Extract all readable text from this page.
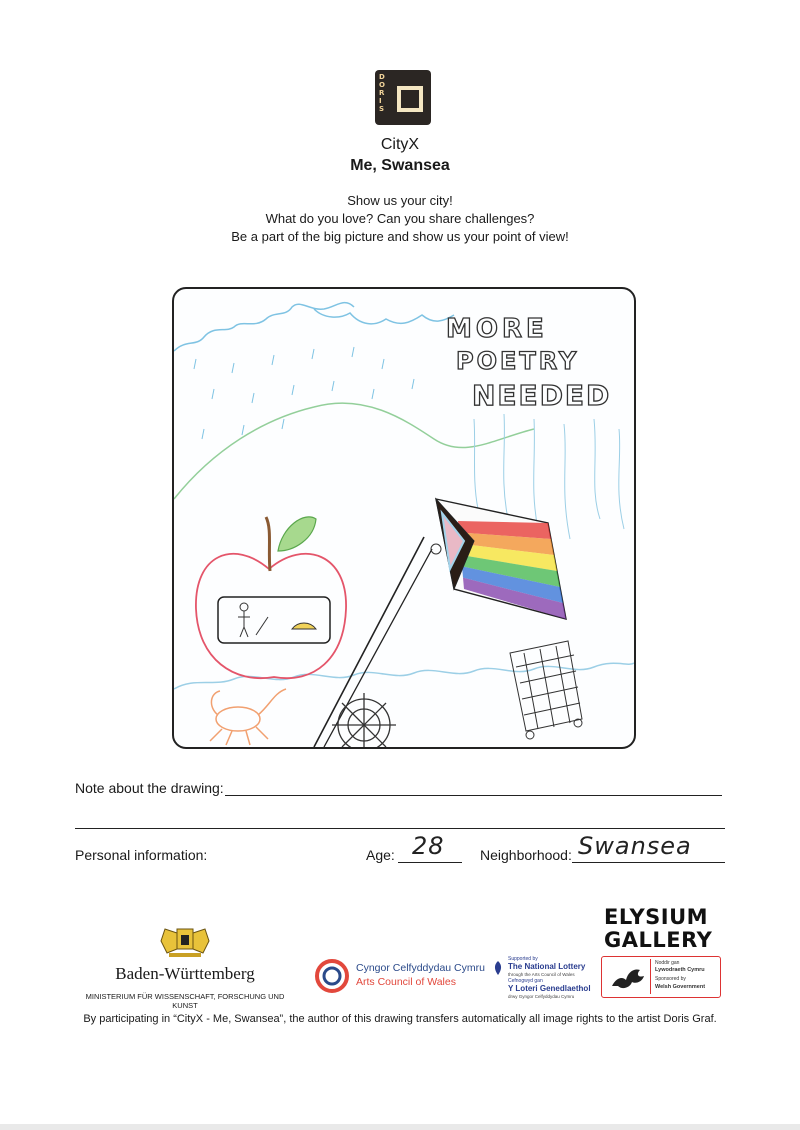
D
O
R
I
S
CityX
Me, Swansea
Show us your city!
What do you love? Can you share challenges?
Be a part of the big picture and show us your point of view!
MORE
POETRY
NEEDED
Note about the drawing:
Personal information:	Age: 28	Neighborhood: Swansea
Baden-Württemberg
MINISTERIUM FÜR WISSENSCHAFT, FORSCHUNG UND KUNST
Cyngor Celfyddydau Cymru
Arts Council of Wales
Supported by
The National Lottery
through the Arts Council of Wales
Cefnogwyd gan
Y Loteri Genedlaethol
drwy Gyngor Celfyddydau Cymru
ELYSIUM
GALLERY
Noddir gan
Lywodraeth Cymru
Sponsored by
Welsh Government
By participating in “CityX - Me, Swansea”, the author of this drawing transfers automatically all image rights to the artist Doris Graf.
